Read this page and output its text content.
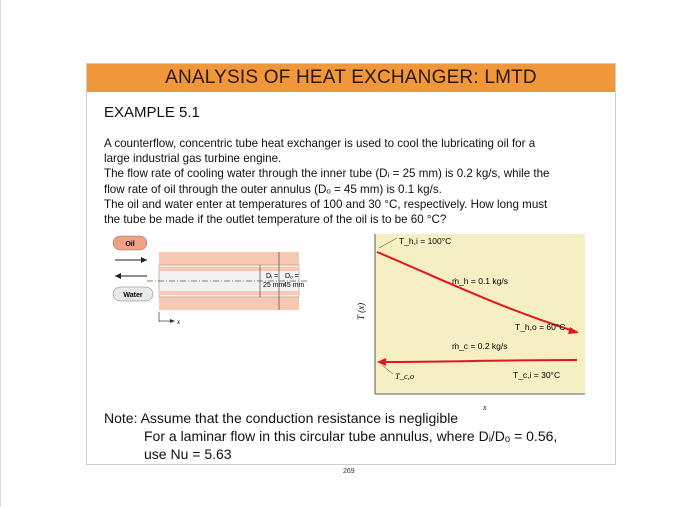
ANALYSIS OF HEAT EXCHANGER: LMTD
EXAMPLE 5.1
A counterflow, concentric tube heat exchanger is used to cool the lubricating oil for a
large industrial gas turbine engine.
The flow rate of cooling water through the inner tube (Dᵢ = 25 mm) is 0.2 kg/s, while the
flow rate of oil through the outer annulus (Dₒ = 45 mm) is 0.1 kg/s.
The oil and water enter at temperatures of 100 and 30 °C, respectively. How long must
the tube be made if the outlet temperature of the oil is to be 60 °C?
Oil
Water
Dᵢ =
25 mm
Dₒ =
45 mm
x
T (x)
T_h,i = 100°C
ṁ_h = 0.1 kg/s
T_h,o = 60°C
ṁ_c = 0.2 kg/s
T_c,o	T_c,i = 30°C
x
Note: Assume that the conduction resistance is negligible
For a laminar flow in this circular tube annulus, where Dᵢ/Dₒ = 0.56,
use Nu = 5.63
269
